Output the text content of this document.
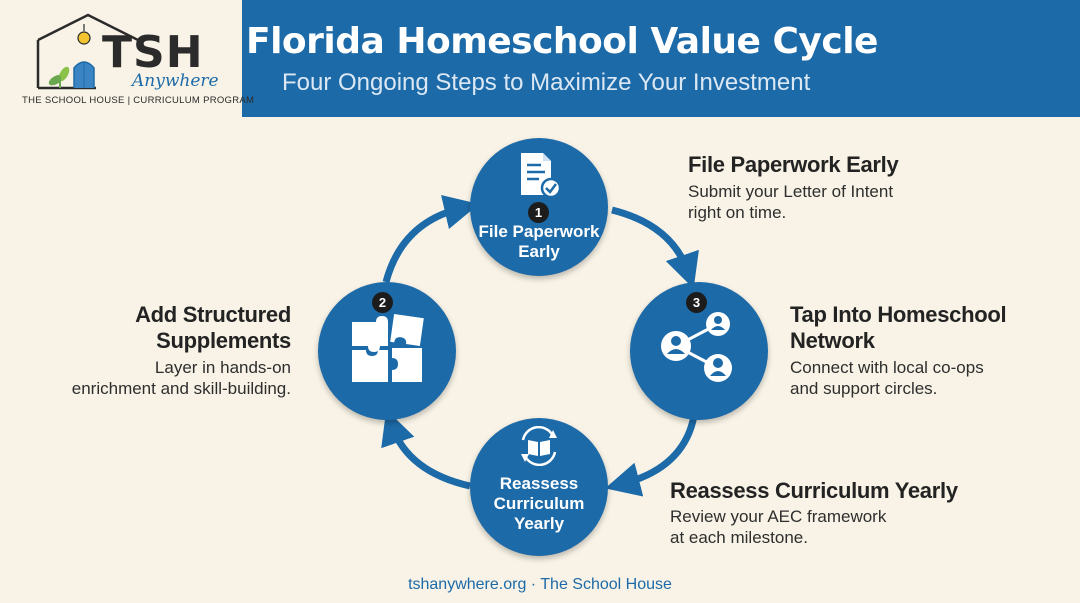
TSH
Anywhere
THE SCHOOL HOUSE | CURRICULUM PROGRAM
Florida Homeschool Value Cycle
Four Ongoing Steps to Maximize Your Investment
1
File Paperwork Early
2	3
Reassess Curriculum Yearly
File Paperwork Early
Submit your Letter of Intent
right on time.
Add Structured Supplements
Layer in hands-on
enrichment and skill-building.
Tap Into Homeschool Network
Connect with local co-ops
and support circles.
Reassess Curriculum Yearly
Review your AEC framework
at each milestone.
tshanywhere.org · The School House
